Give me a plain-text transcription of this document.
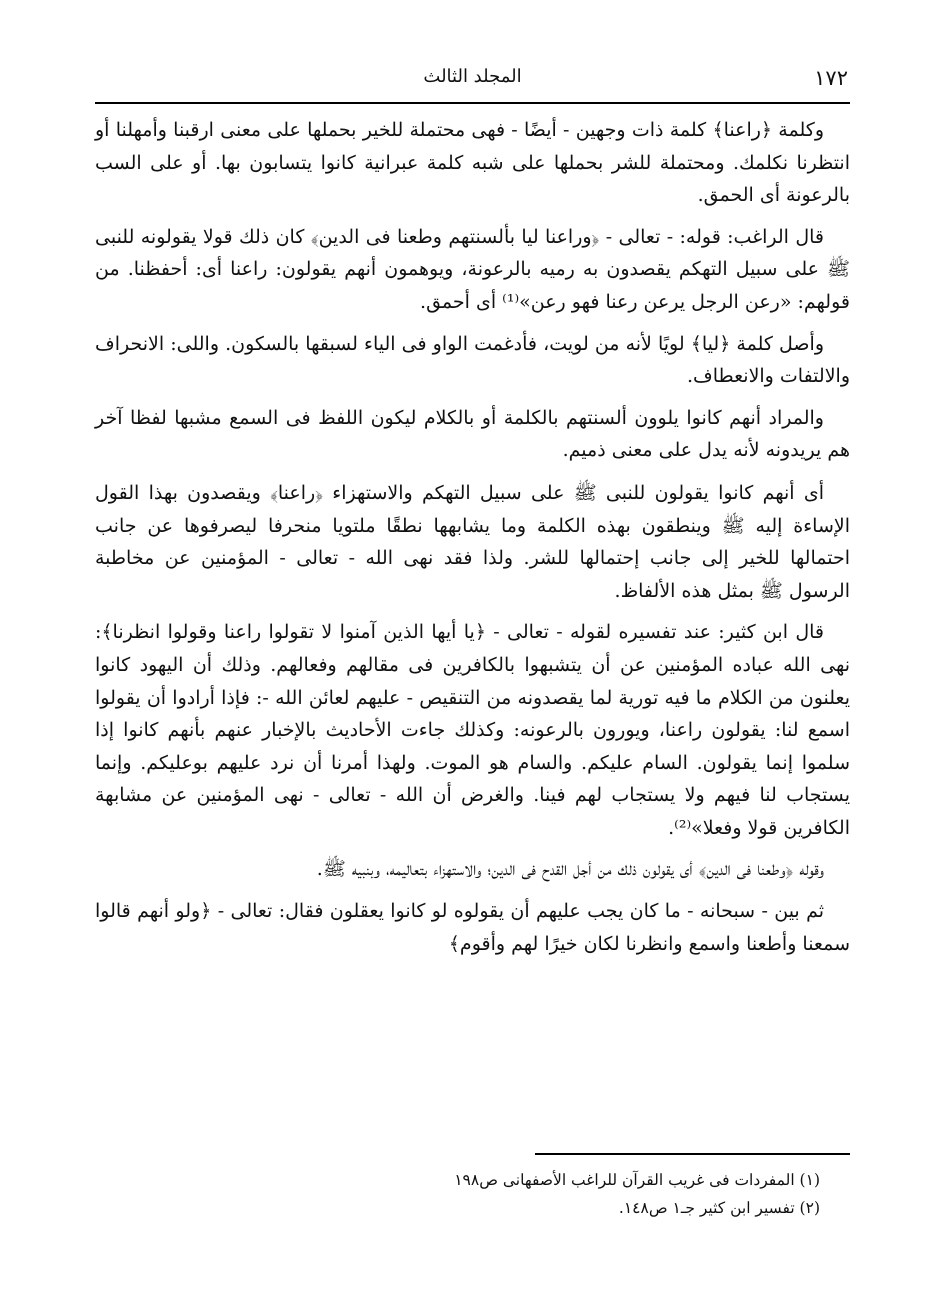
١٧٢
المجلد الثالث

وكلمة ﴿راعنا﴾ كلمة ذات وجهين - أيضًا - فهى محتملة للخير بحملها على معنى ارقبنا وأمهلنا أو انتظرنا نكلمك. ومحتملة للشر بحملها على شبه كلمة عبرانية كانوا يتسابون بها. أو على السب بالرعونة أى الحمق.

قال الراغب: قوله: - تعالى - ﴿وراعنا ليا بألسنتهم وطعنا فى الدين﴾ كان ذلك قولا يقولونه للنبى ﷺ على سبيل التهكم يقصدون به رميه بالرعونة، ويوهمون أنهم يقولون: راعنا أى: أحفظنا. من قولهم: «رعن الرجل يرعن رعنا فهو رعن»⁽¹⁾ أى أحمق.

وأصل كلمة ﴿ليا﴾ لويًا لأنه من لويت، فأدغمت الواو فى الياء لسبقها بالسكون. واللى: الانحراف والالتفات والانعطاف.

والمراد أنهم كانوا يلوون ألسنتهم بالكلمة أو بالكلام ليكون اللفظ فى السمع مشبها لفظا آخر هم يريدونه لأنه يدل على معنى ذميم.

أى أنهم كانوا يقولون للنبى ﷺ على سبيل التهكم والاستهزاء ﴿راعنا﴾ ويقصدون بهذا القول الإساءة إليه ﷺ وينطقون بهذه الكلمة وما يشابهها نطقًا ملتويا منحرفا ليصرفوها عن جانب احتمالها للخير إلى جانب إحتمالها للشر. ولذا فقد نهى الله - تعالى - المؤمنين عن مخاطبة الرسول ﷺ بمثل هذه الألفاظ.

قال ابن كثير: عند تفسيره لقوله - تعالى - ﴿يا أيها الذين آمنوا لا تقولوا راعنا وقولوا انظرنا﴾: نهى الله عباده المؤمنين عن أن يتشبهوا بالكافرين فى مقالهم وفعالهم. وذلك أن اليهود كانوا يعلنون من الكلام ما فيه تورية لما يقصدونه من التنقيص - عليهم لعائن الله -: فإذا أرادوا أن يقولوا اسمع لنا: يقولون راعنا، ويورون بالرعونه: وكذلك جاءت الأحاديث بالإخبار عنهم بأنهم كانوا إذا سلموا إنما يقولون. السام عليكم. والسام هو الموت. ولهذا أمرنا أن نرد عليهم بوعليكم. وإنما يستجاب لنا فيهم ولا يستجاب لهم فينا. والغرض أن الله - تعالى - نهى المؤمنين عن مشابهة الكافرين قولا وفعلا»⁽²⁾.

وقوله ﴿وطعنا فى الدين﴾ أى يقولون ذلك من أجل القدح فى الدين؛ والاستهزاء بتعاليمه، وبنبيه ﷺ.

ثم بين - سبحانه - ما كان يجب عليهم أن يقولوه لو كانوا يعقلون فقال: تعالى - ﴿ولو أنهم قالوا سمعنا وأطعنا واسمع وانظرنا لكان خيرًا لهم وأقوم﴾

(١) المفردات فى غريب القرآن للراغب الأصفهانى ص١٩٨

(٢) تفسير ابن كثير جـ١ ص١٤٨.
